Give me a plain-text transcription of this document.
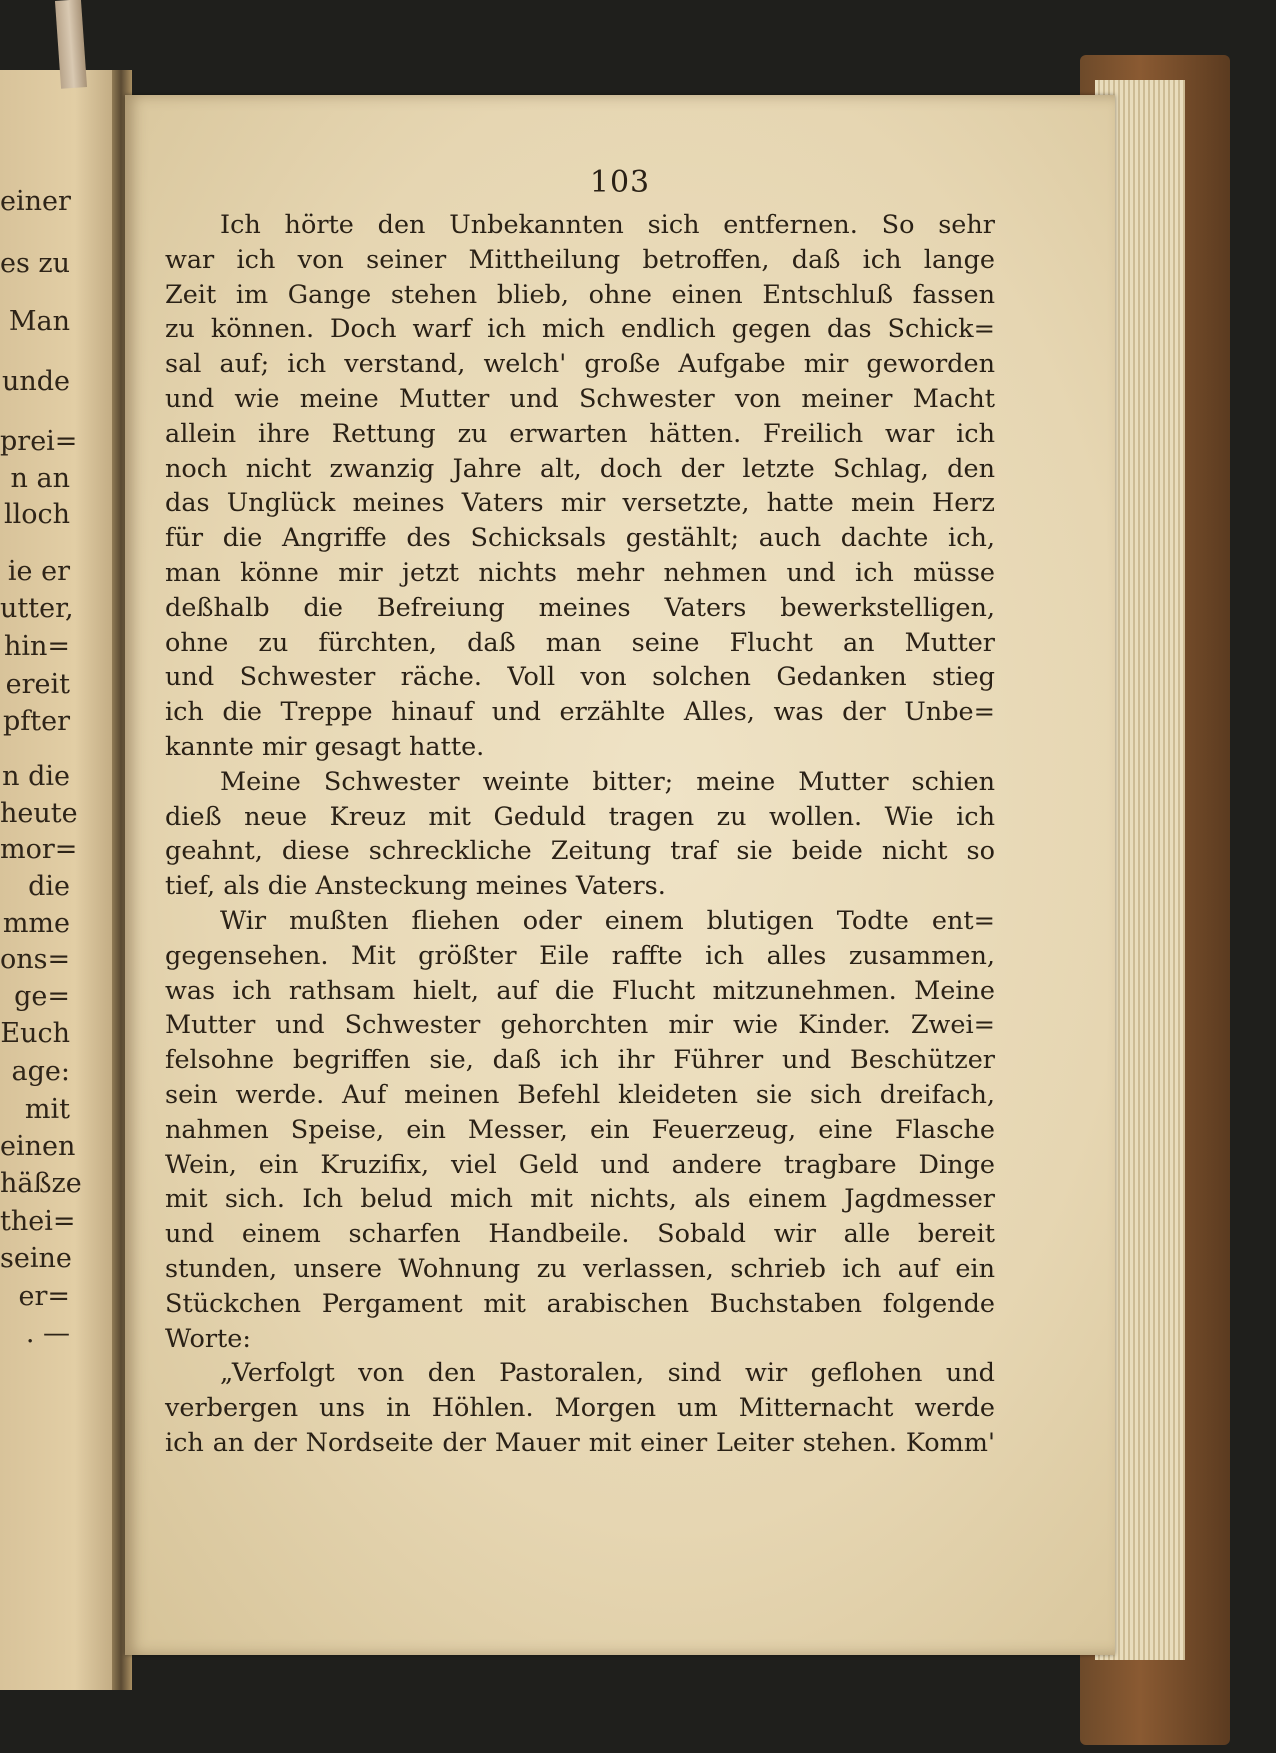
einer
es zu
Man
unde
prei=
n an
lloch
ie er
utter,
hin=
ereit
pfter
n die
heute
mor=
die
mme
ons=
ge=
Euch
age:
mit
einen
häßze
thei=
seine
er=
. —
103
Ich hörte den Unbekannten sich entfernen. So sehr
war ich von seiner Mittheilung betroffen, daß ich lange
Zeit im Gange stehen blieb, ohne einen Entschluß fassen
zu können. Doch warf ich mich endlich gegen das Schick=
sal auf; ich verstand, welch' große Aufgabe mir geworden
und wie meine Mutter und Schwester von meiner Macht
allein ihre Rettung zu erwarten hätten. Freilich war ich
noch nicht zwanzig Jahre alt, doch der letzte Schlag, den
das Unglück meines Vaters mir versetzte, hatte mein Herz
für die Angriffe des Schicksals gestählt; auch dachte ich,
man könne mir jetzt nichts mehr nehmen und ich müsse
deßhalb die Befreiung meines Vaters bewerkstelligen,
ohne zu fürchten, daß man seine Flucht an Mutter
und Schwester räche. Voll von solchen Gedanken stieg
ich die Treppe hinauf und erzählte Alles, was der Unbe=
kannte mir gesagt hatte.
Meine Schwester weinte bitter; meine Mutter schien
dieß neue Kreuz mit Geduld tragen zu wollen. Wie ich
geahnt, diese schreckliche Zeitung traf sie beide nicht so
tief, als die Ansteckung meines Vaters.
Wir mußten fliehen oder einem blutigen Todte ent=
gegensehen. Mit größter Eile raffte ich alles zusammen,
was ich rathsam hielt, auf die Flucht mitzunehmen. Meine
Mutter und Schwester gehorchten mir wie Kinder. Zwei=
felsohne begriffen sie, daß ich ihr Führer und Beschützer
sein werde. Auf meinen Befehl kleideten sie sich dreifach,
nahmen Speise, ein Messer, ein Feuerzeug, eine Flasche
Wein, ein Kruzifix, viel Geld und andere tragbare Dinge
mit sich. Ich belud mich mit nichts, als einem Jagdmesser
und einem scharfen Handbeile. Sobald wir alle bereit
stunden, unsere Wohnung zu verlassen, schrieb ich auf ein
Stückchen Pergament mit arabischen Buchstaben folgende
Worte:
„Verfolgt von den Pastoralen, sind wir geflohen und
verbergen uns in Höhlen. Morgen um Mitternacht werde
ich an der Nordseite der Mauer mit einer Leiter stehen. Komm'
